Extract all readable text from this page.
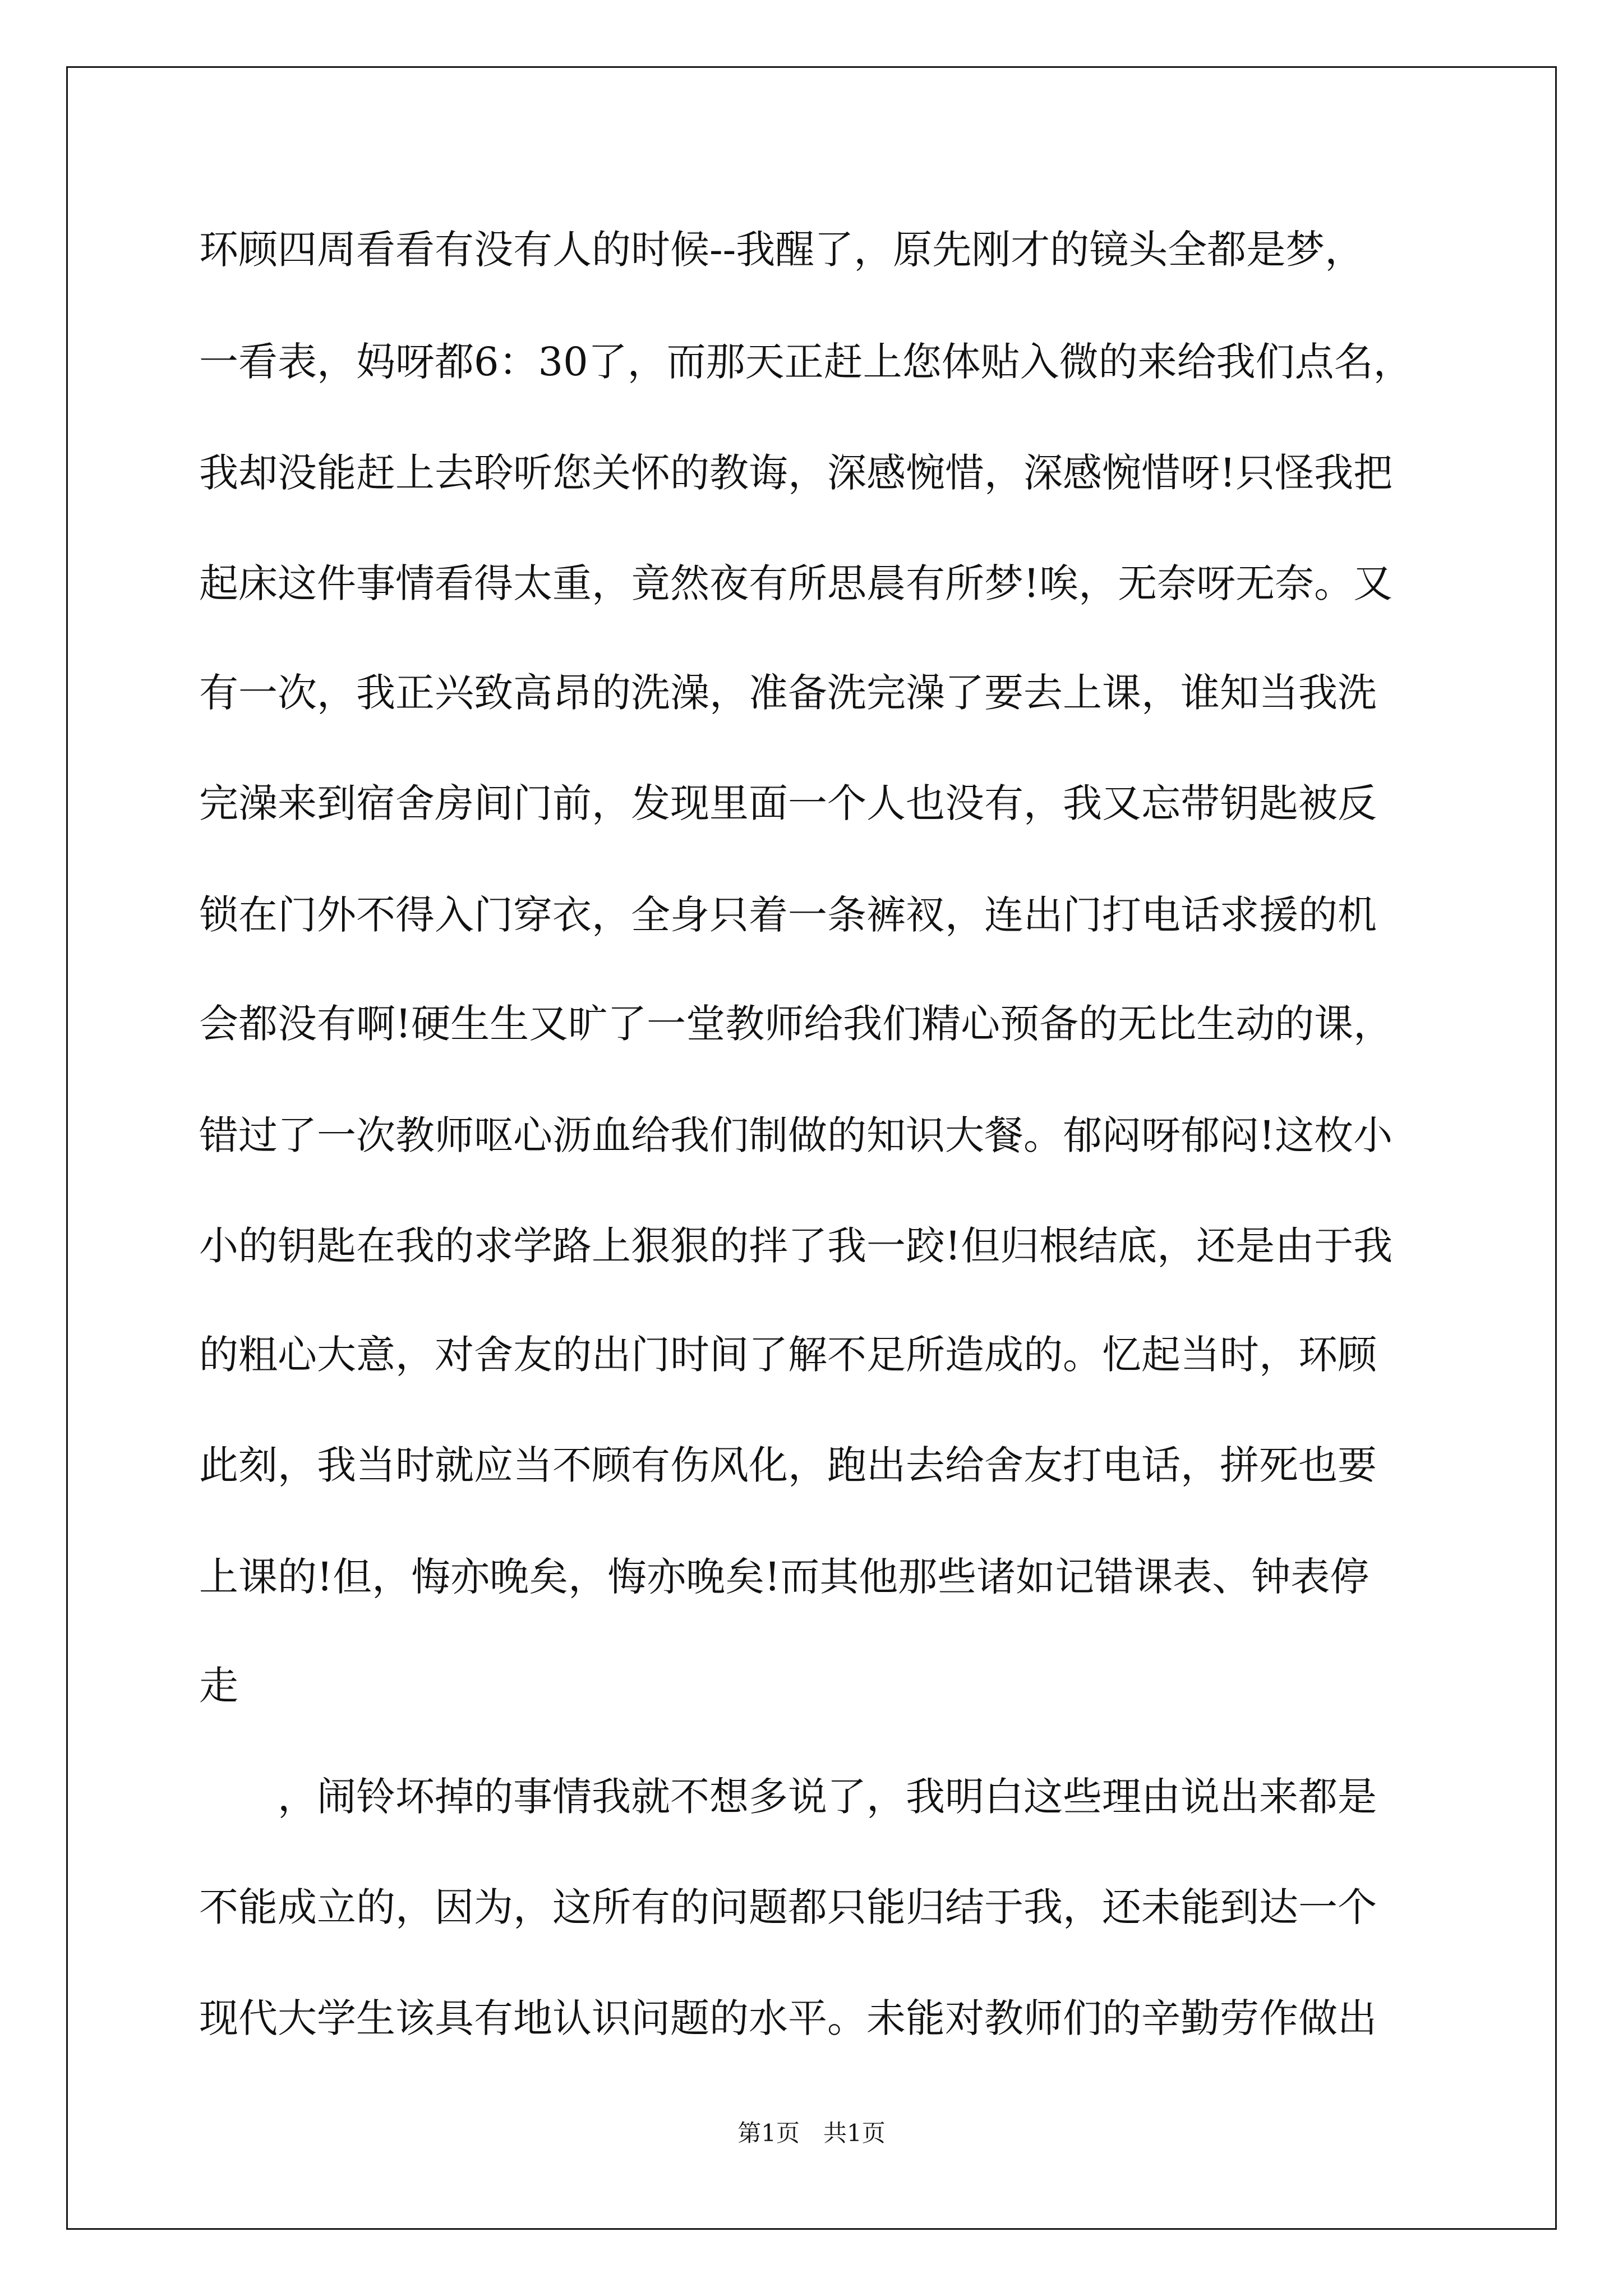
环顾四周看看有没有人的时候--我醒了，原先刚才的镜头全都是梦，
一看表，妈呀都6：30了，而那天正赶上您体贴入微的来给我们点名，
我却没能赶上去聆听您关怀的教诲，深感惋惜，深感惋惜呀!只怪我把
起床这件事情看得太重，竟然夜有所思晨有所梦!唉，无奈呀无奈。又
有一次，我正兴致高昂的洗澡，准备洗完澡了要去上课，谁知当我洗
完澡来到宿舍房间门前，发现里面一个人也没有，我又忘带钥匙被反
锁在门外不得入门穿衣，全身只着一条裤衩，连出门打电话求援的机
会都没有啊!硬生生又旷了一堂教师给我们精心预备的无比生动的课，
错过了一次教师呕心沥血给我们制做的知识大餐。郁闷呀郁闷!这枚小
小的钥匙在我的求学路上狠狠的拌了我一跤!但归根结底，还是由于我
的粗心大意，对舍友的出门时间了解不足所造成的。忆起当时，环顾
此刻，我当时就应当不顾有伤风化，跑出去给舍友打电话，拼死也要
上课的!但，悔亦晚矣，悔亦晚矣!而其他那些诸如记错课表、钟表停
走
　　，闹铃坏掉的事情我就不想多说了，我明白这些理由说出来都是
不能成立的，因为，这所有的问题都只能归结于我，还未能到达一个
现代大学生该具有地认识问题的水平。未能对教师们的辛勤劳作做出
第1页　共1页
